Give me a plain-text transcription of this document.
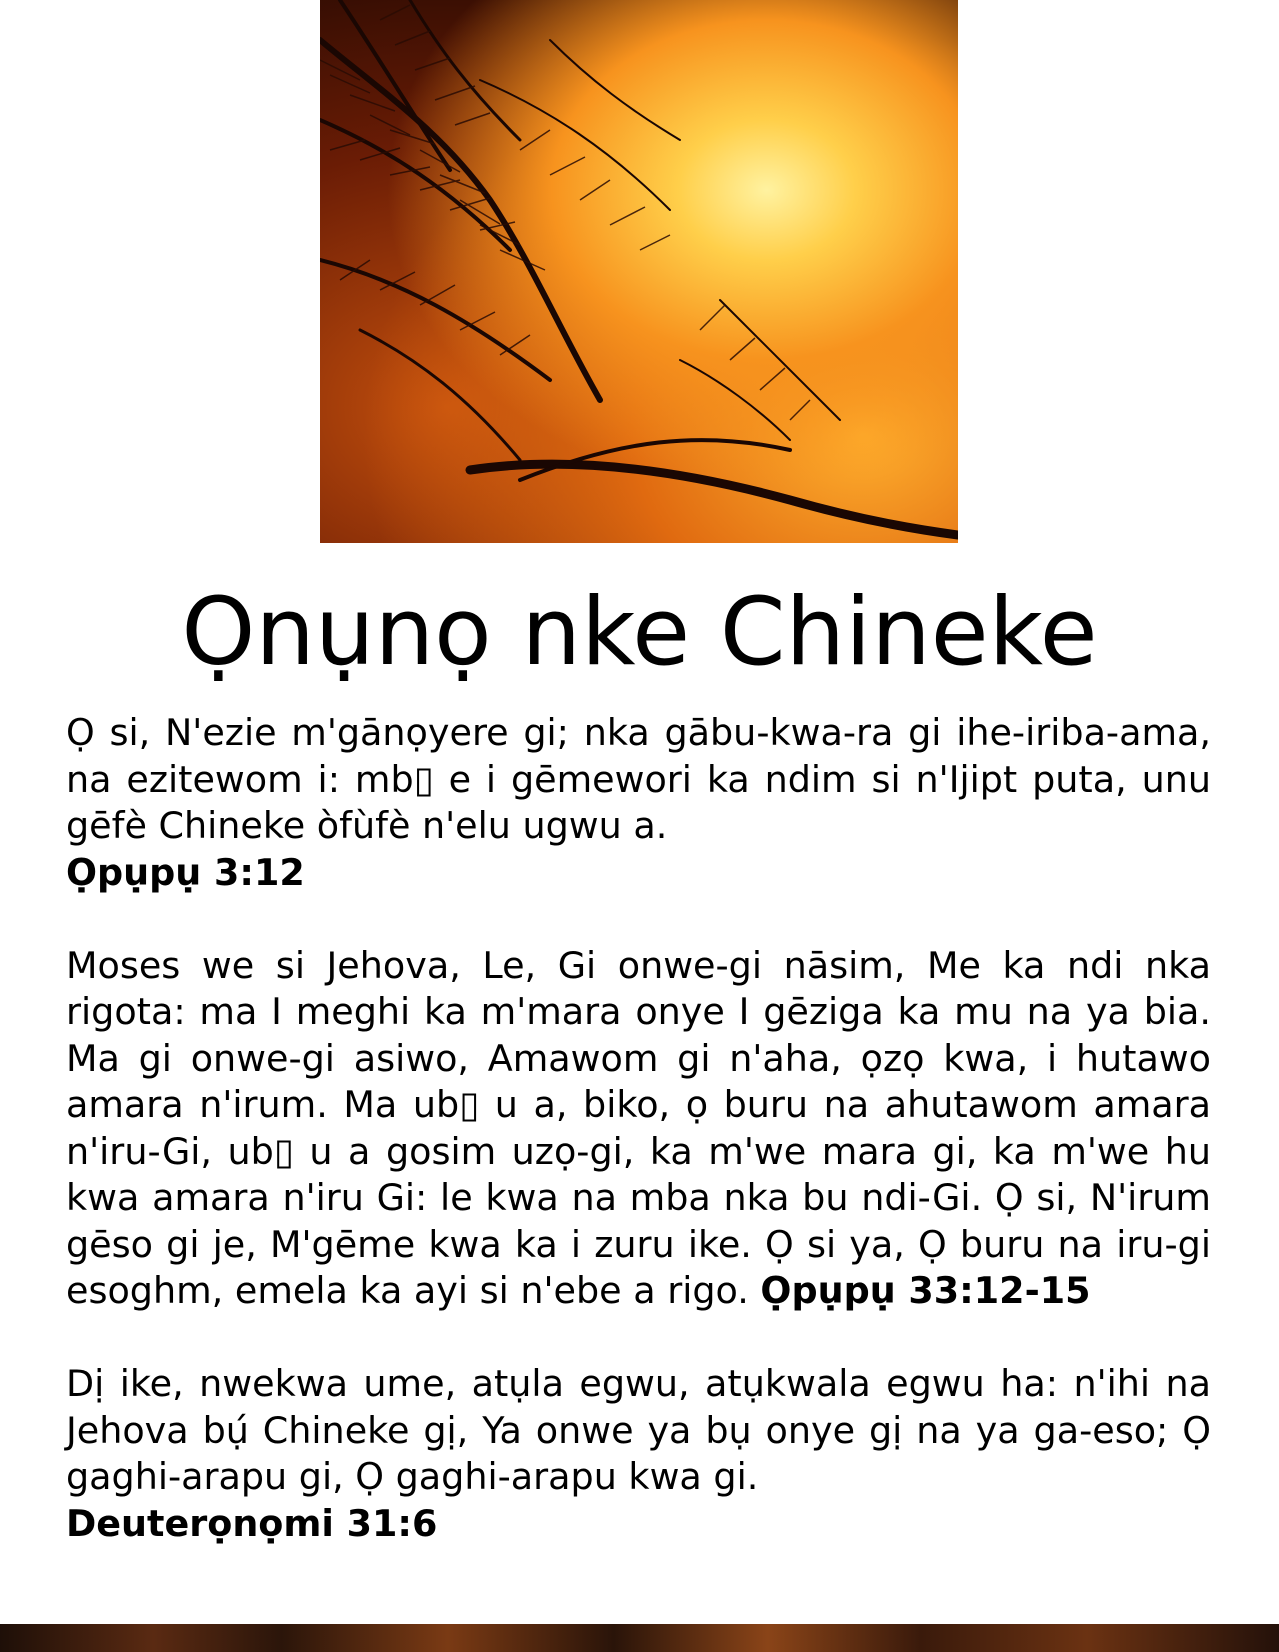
Ọnụnọ nke Chineke

Ọ si, N'ezie m'gānọyere gi; nka gābu-kwa-ra gi ihe-iriba-ama, na ezitewom i: mb▯ e i gēmewori ka ndim si n'Ijipt puta, unu gēfè Chineke òfùfè n'elu ugwu a.
Ọpụpụ 3:12

Moses we si Jehova, Le, Gi onwe-gi nāsim, Me ka ndi nka rigota: ma I meghi ka m'mara onye I gēziga ka mu na ya bia. Ma gi onwe-gi asiwo, Amawom gi n'aha, ọzọ kwa, i hutawo amara n'irum. Ma ub▯ u a, biko, ọ buru na ahutawom amara n'iru-Gi, ub▯ u a gosim uzọ-gi, ka m'we mara gi, ka m'we hu kwa amara n'iru Gi: le kwa na mba nka bu ndi-Gi. Ọ si, N'irum gēso gi je, M'gēme kwa ka i zuru ike. Ọ si ya, Ọ buru na iru-gi esoghm, emela ka ayi si n'ebe a rigo. Ọpụpụ 33:12-15

Dị ike, nwekwa ume, atụla egwu, atụkwala egwu ha: n'ihi na Jehova bụ́ Chineke gị, Ya onwe ya bụ onye gị na ya ga-eso; Ọ gaghi-arapu gi, Ọ gaghi-arapu kwa gi.
Deuterọnọmi 31:6
